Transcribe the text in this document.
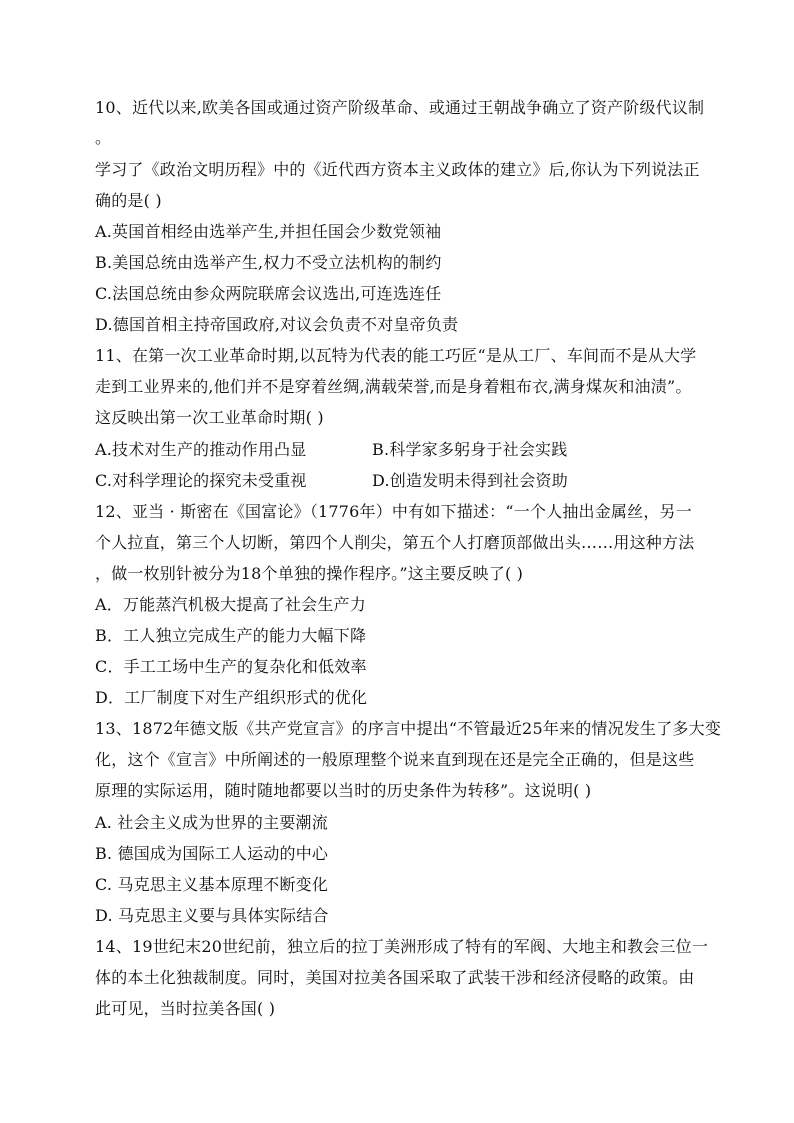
10、近代以来,欧美各国或通过资产阶级革命、或通过王朝战争确立了资产阶级代议制
。
学习了《政治文明历程》中的《近代西方资本主义政体的建立》后,你认为下列说法正
确的是( )
A.英国首相经由选举产生,并担任国会少数党领袖
B.美国总统由选举产生,权力不受立法机构的制约
C.法国总统由参众两院联席会议选出,可连选连任
D.德国首相主持帝国政府,对议会负责不对皇帝负责
11、在第一次工业革命时期,以瓦特为代表的能工巧匠“是从工厂、车间而不是从大学
走到工业界来的,他们并不是穿着丝绸,满载荣誉,而是身着粗布衣,满身煤灰和油渍”。
这反映出第一次工业革命时期( )
A.技术对生产的推动作用凸显	B.科学家多躬身于社会实践
C.对科学理论的探究未受重视	D.创造发明未得到社会资助
12、亚当 · 斯密在《国富论》（1776年）中有如下描述：“一个人抽出金属丝，另一
个人拉直，第三个人切断，第四个人削尖，第五个人打磨顶部做出头……用这种方法
，做一枚别针被分为18个单独的操作程序。”这主要反映了( )
A．万能蒸汽机极大提高了社会生产力
B．工人独立完成生产的能力大幅下降
C．手工工场中生产的复杂化和低效率
D．工厂制度下对生产组织形式的优化
13、1872年德文版《共产党宣言》的序言中提出“不管最近25年来的情况发生了多大变
化，这个《宣言》中所阐述的一般原理整个说来直到现在还是完全正确的，但是这些
原理的实际运用，随时随地都要以当时的历史条件为转移”。这说明( )
A. 社会主义成为世界的主要潮流
B. 德国成为国际工人运动的中心
C. 马克思主义基本原理不断变化
D. 马克思主义要与具体实际结合
14、19世纪末20世纪前，独立后的拉丁美洲形成了特有的军阀、大地主和教会三位一
体的本土化独裁制度。同时，美国对拉美各国采取了武装干涉和经济侵略的政策。由
此可见，当时拉美各国( )
